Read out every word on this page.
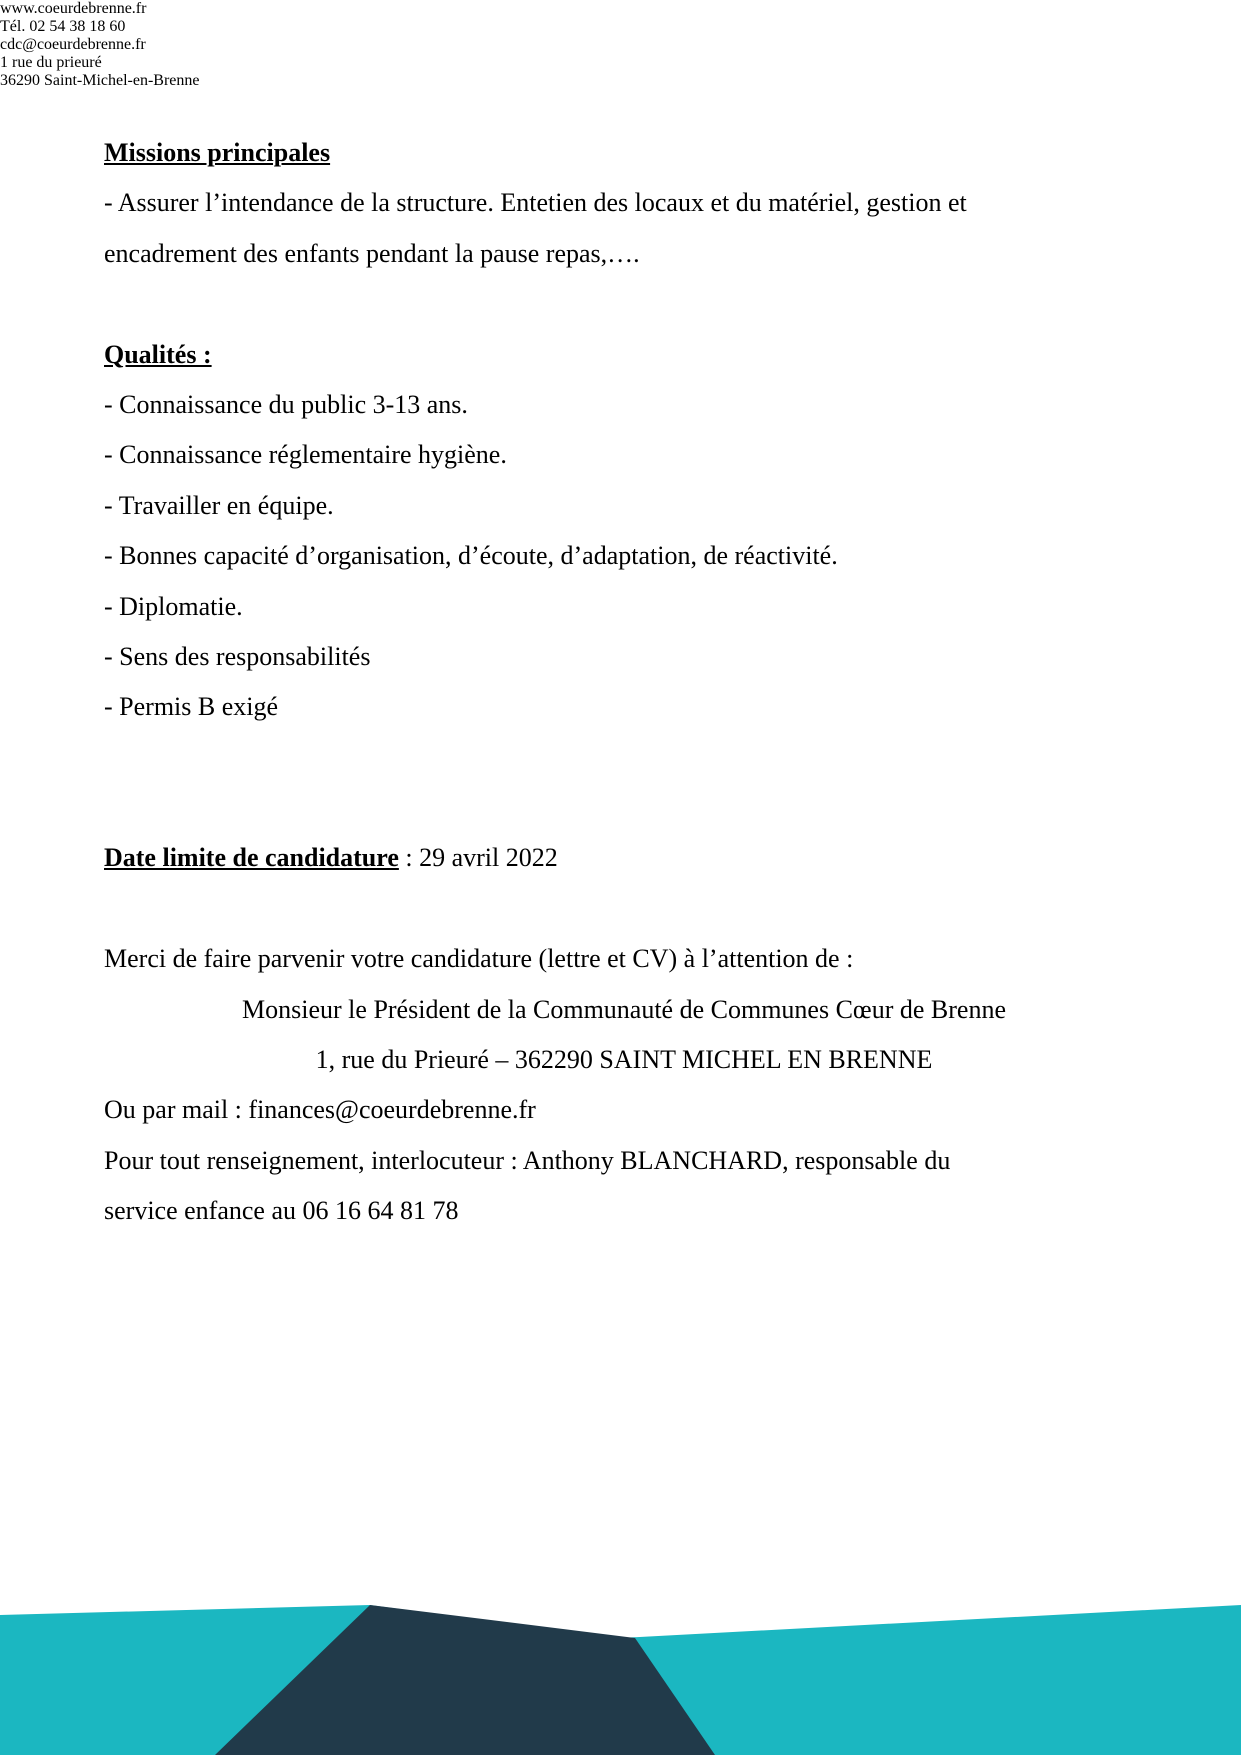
Missions principales
- Assurer l’intendance de la structure. Entetien des locaux et du matériel, gestion et
encadrement des enfants pendant la pause repas,….
Qualités :
- Connaissance du public 3-13 ans.
- Connaissance réglementaire hygiène.
- Travailler en équipe.
- Bonnes capacité d’organisation, d’écoute, d’adaptation, de réactivité.
- Diplomatie.
- Sens des responsabilités
- Permis B exigé
Date limite de candidature : 29 avril 2022
Merci de faire parvenir votre candidature (lettre et CV) à l’attention de :
Monsieur le Président de la Communauté de Communes Cœur de Brenne
1, rue du Prieuré – 362290 SAINT MICHEL EN BRENNE
Ou par mail : finances@coeurdebrenne.fr
Pour tout renseignement, interlocuteur : Anthony BLANCHARD, responsable du
service enfance au 06 16 64 81 78
www.coeurdebrenne.fr
Tél. 02 54 38 18 60
cdc@coeurdebrenne.fr
1 rue du prieuré
36290 Saint-Michel-en-Brenne
